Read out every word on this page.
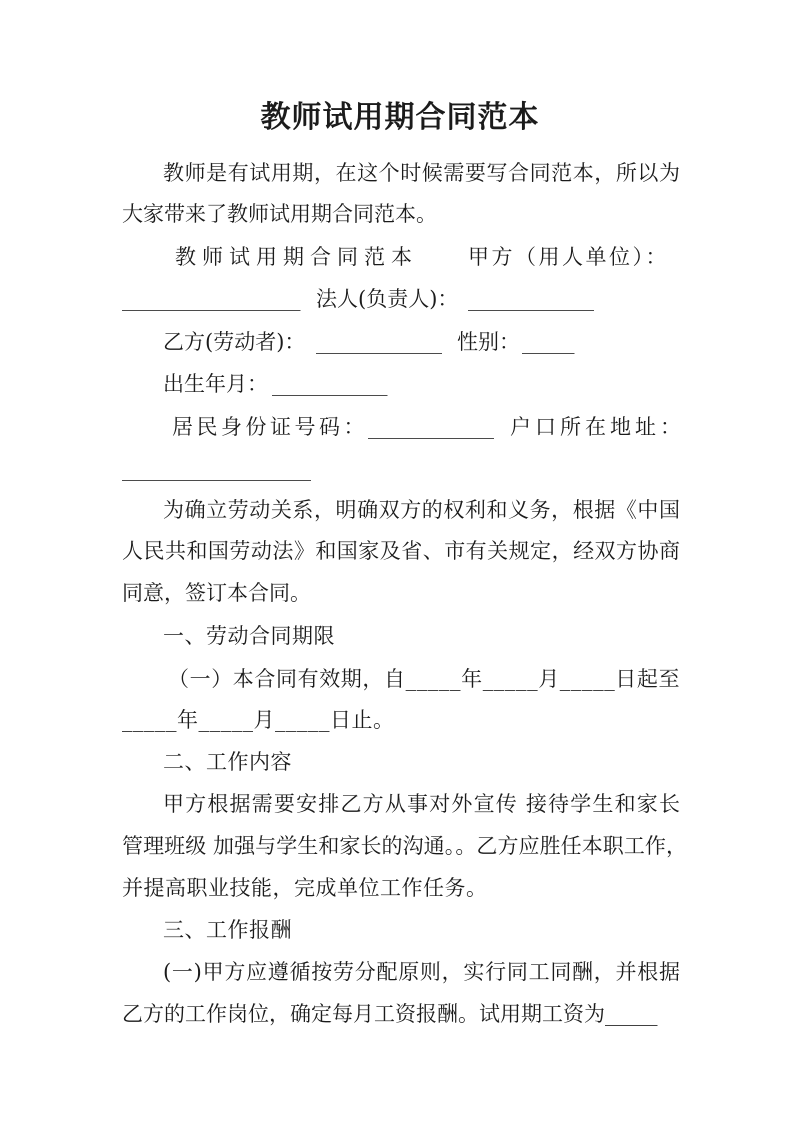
教师试用期合同范本
教师是有试用期，在这个时候需要写合同范本，所以为
大家带来了教师试用期合同范本。
教师试用期合同范本 甲方（用人单位）：
_________________ 法人(负责人)： ____________
乙方(劳动者)： ____________ 性别： _____
出生年月： ___________
居民身份证号码： ____________ 户口所在地址：
__________________
为确立劳动关系，明确双方的权利和义务，根据《中国
人民共和国劳动法》和国家及省、市有关规定，经双方协商
同意，签订本合同。
一、劳动合同期限
（一）本合同有效期，自_____年_____月_____日起至
_____年_____月_____日止。
二、工作内容
甲方根据需要安排乙方从事对外宣传 接待学生和家长
管理班级 加强与学生和家长的沟通。。乙方应胜任本职工作，
并提高职业技能，完成单位工作任务。
三、工作报酬
(一)甲方应遵循按劳分配原则，实行同工同酬，并根据
乙方的工作岗位，确定每月工资报酬。试用期工资为_____
